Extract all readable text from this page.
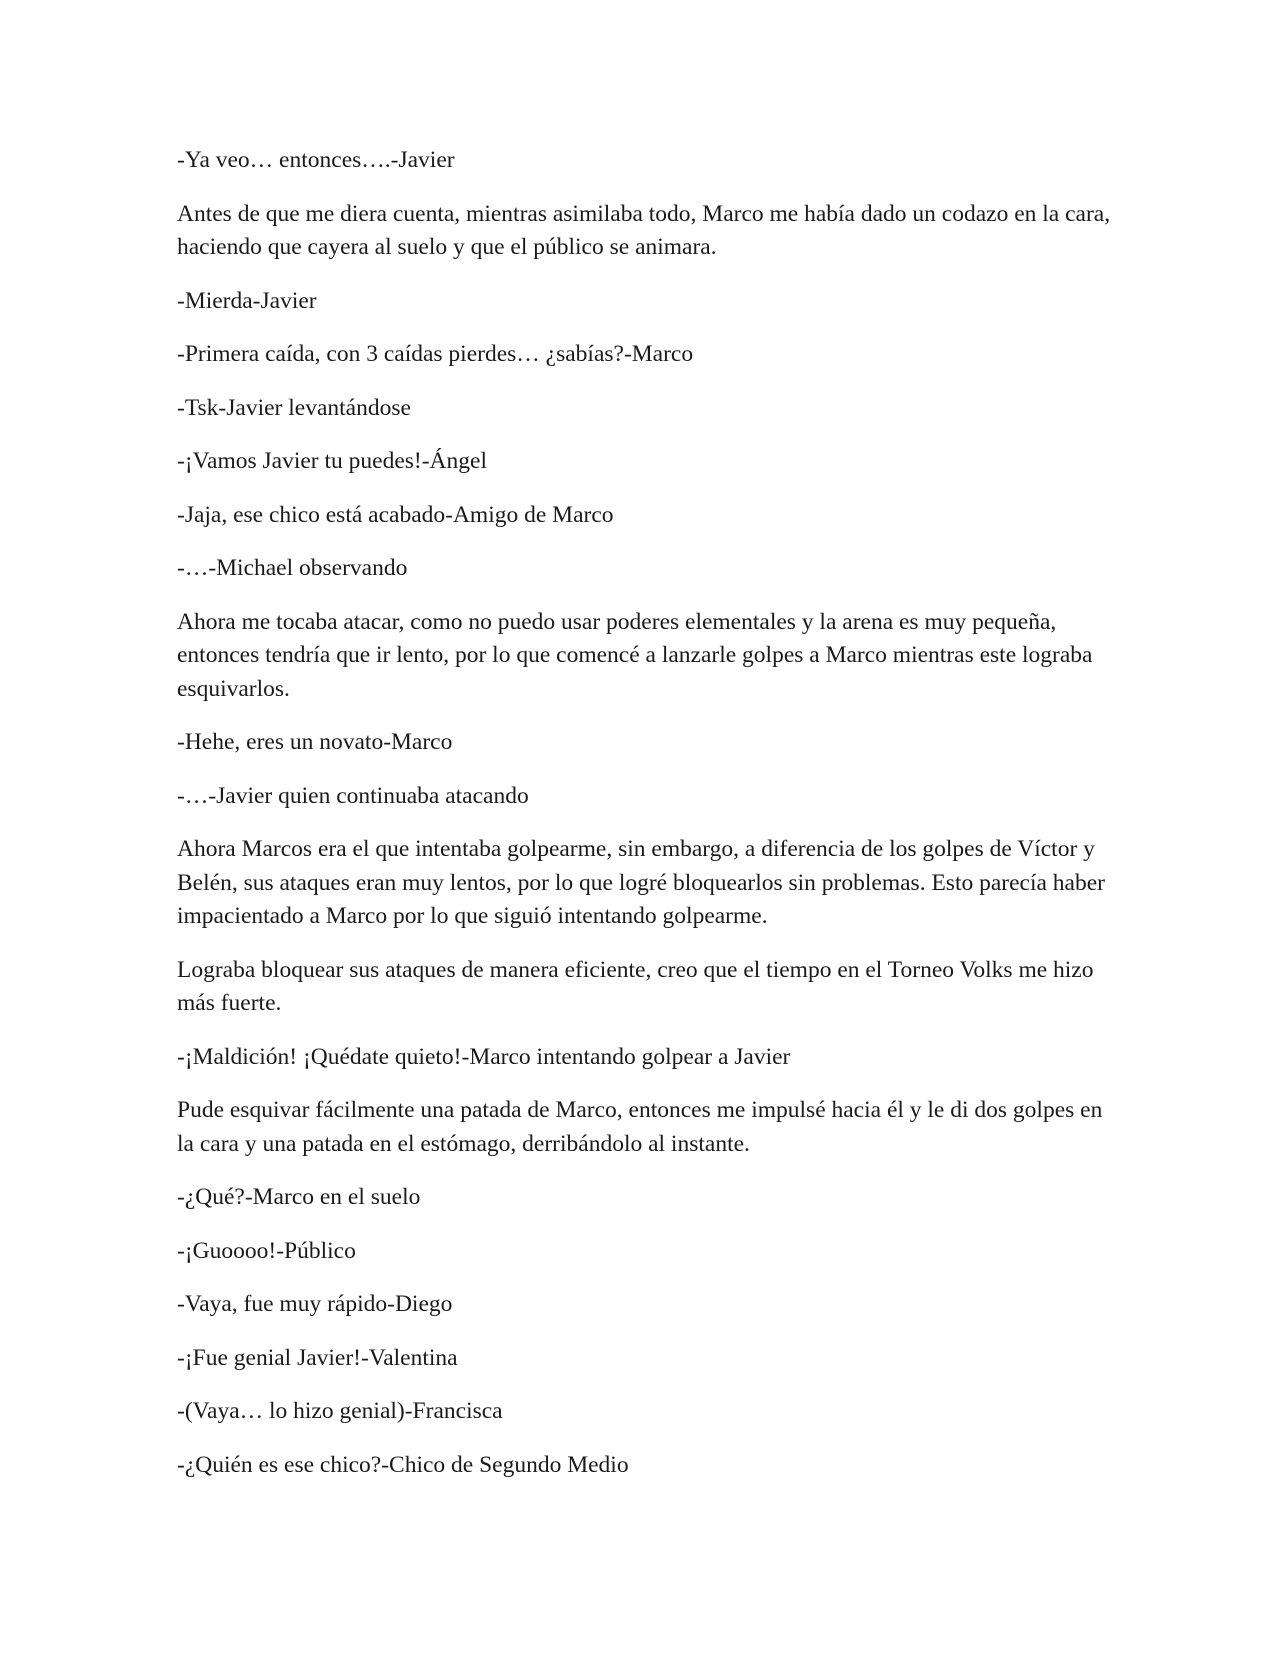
-Ya veo… entonces….-Javier

Antes de que me diera cuenta, mientras asimilaba todo, Marco me había dado un codazo en la cara, haciendo que cayera al suelo y que el público se animara.

-Mierda-Javier

-Primera caída, con 3 caídas pierdes… ¿sabías?-Marco

-Tsk-Javier levantándose

-¡Vamos Javier tu puedes!-Ángel

-Jaja, ese chico está acabado-Amigo de Marco

-…-Michael observando

Ahora me tocaba atacar, como no puedo usar poderes elementales y la arena es muy pequeña, entonces tendría que ir lento, por lo que comencé a lanzarle golpes a Marco mientras este lograba esquivarlos.

-Hehe, eres un novato-Marco

-…-Javier quien continuaba atacando

Ahora Marcos era el que intentaba golpearme, sin embargo, a diferencia de los golpes de Víctor y Belén, sus ataques eran muy lentos, por lo que logré bloquearlos sin problemas. Esto parecía haber impacientado a Marco por lo que siguió intentando golpearme.

Lograba bloquear sus ataques de manera eficiente, creo que el tiempo en el Torneo Volks me hizo más fuerte.

-¡Maldición! ¡Quédate quieto!-Marco intentando golpear a Javier

Pude esquivar fácilmente una patada de Marco, entonces me impulsé hacia él y le di dos golpes en la cara y una patada en el estómago, derribándolo al instante.

-¿Qué?-Marco en el suelo

-¡Guoooo!-Público

-Vaya, fue muy rápido-Diego

-¡Fue genial Javier!-Valentina

-(Vaya… lo hizo genial)-Francisca

-¿Quién es ese chico?-Chico de Segundo Medio
